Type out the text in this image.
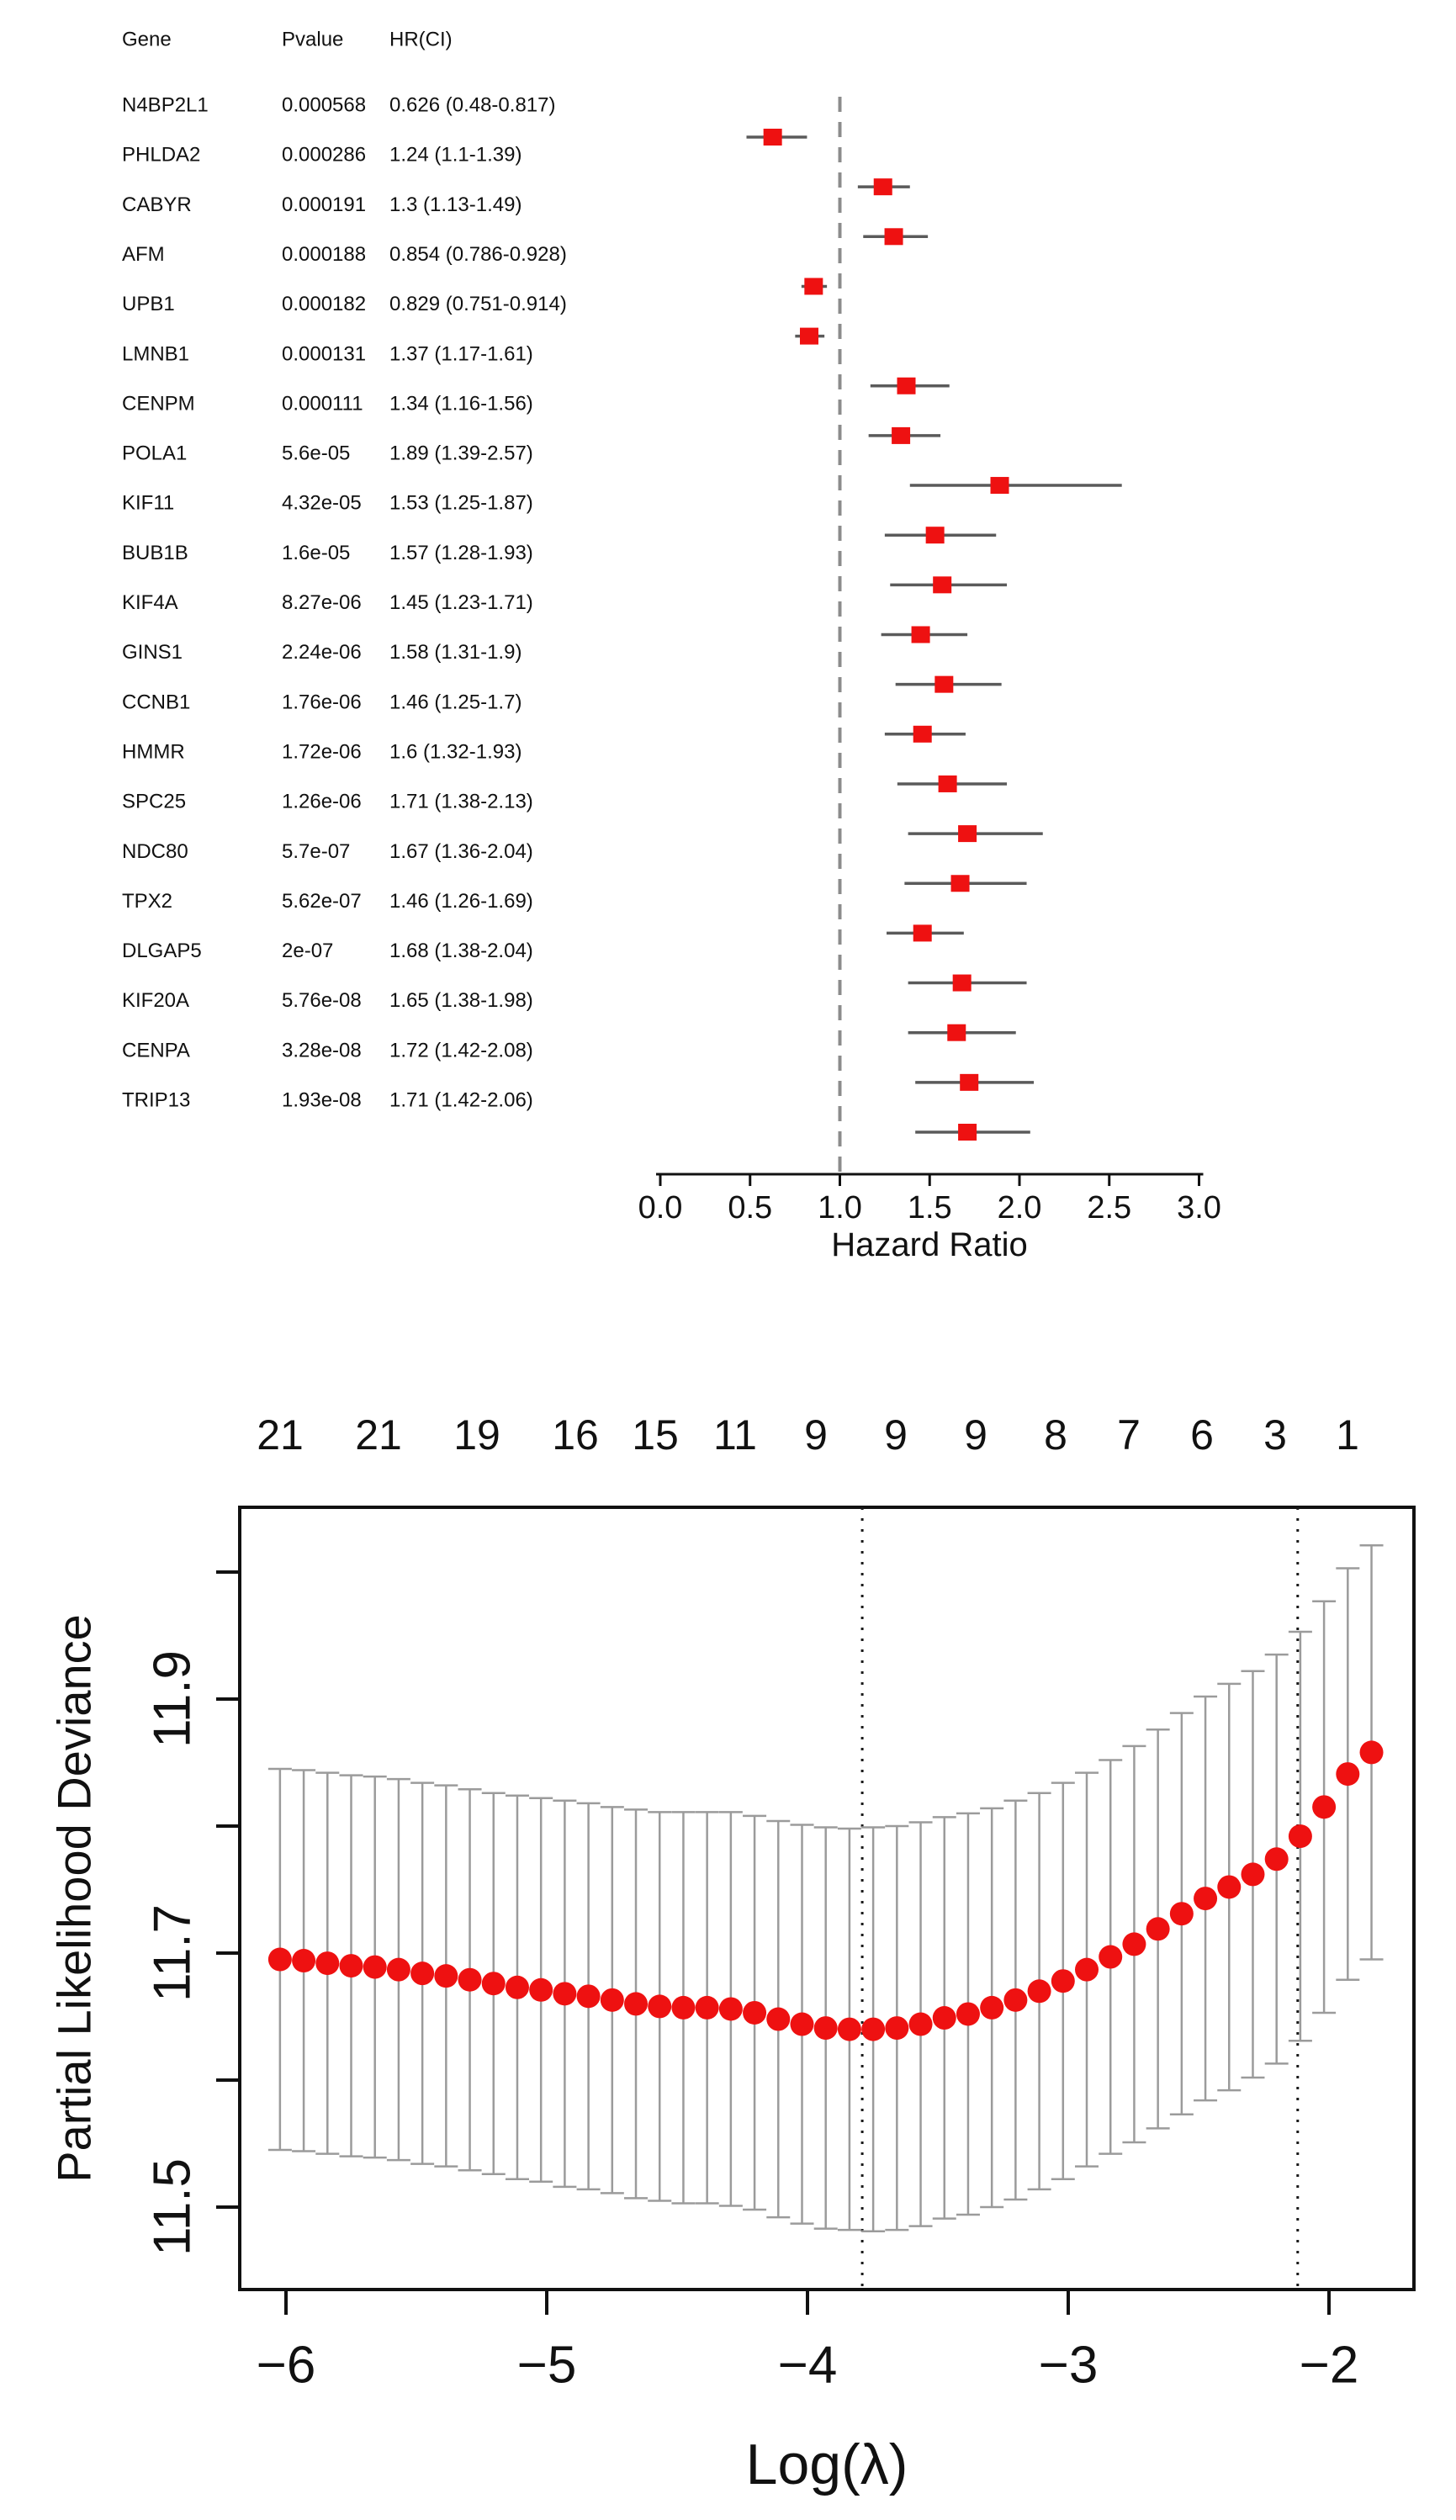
Gene	Pvalue HR(CI)
N4BP2L1	0.000568 0.626 (0.48-0.817)
PHLDA2	0.000286 1.24 (1.1-1.39)
CABYR	0.000191 1.3 (1.13-1.49)
AFM	0.000188 0.854 (0.786-0.928)
UPB1	0.000182 0.829 (0.751-0.914)
LMNB1	0.000131 1.37 (1.17-1.61)
CENPM	0.000111 1.34 (1.16-1.56)
POLA1	5.6e-05 1.89 (1.39-2.57)
KIF11	4.32e-05 1.53 (1.25-1.87)
BUB1B	1.6e-05 1.57 (1.28-1.93)
KIF4A	8.27e-06 1.45 (1.23-1.71)
GINS1	2.24e-06 1.58 (1.31-1.9)
CCNB1	1.76e-06 1.46 (1.25-1.7)
HMMR	1.72e-06 1.6 (1.32-1.93)
SPC25	1.26e-06 1.71 (1.38-2.13)
NDC80	5.7e-07 1.67 (1.36-2.04)
TPX2	5.62e-07 1.46 (1.26-1.69)
DLGAP5	2e-07	1.68 (1.38-2.04)
KIF20A	5.76e-08 1.65 (1.38-1.98)
CENPA	3.28e-08 1.72 (1.42-2.08)
TRIP13	1.93e-08 1.71 (1.42-2.06)
0.0 0.5 1.0 1.5 2.0 2.5 3.0
Hazard Ratio
21 21 19 16 15 11 9 9 9 8 7 6 3 1
−6	−5	−4	−3	−2
11.9
11.7
11.5
Log(λ)
Partial Likelihood Deviance
